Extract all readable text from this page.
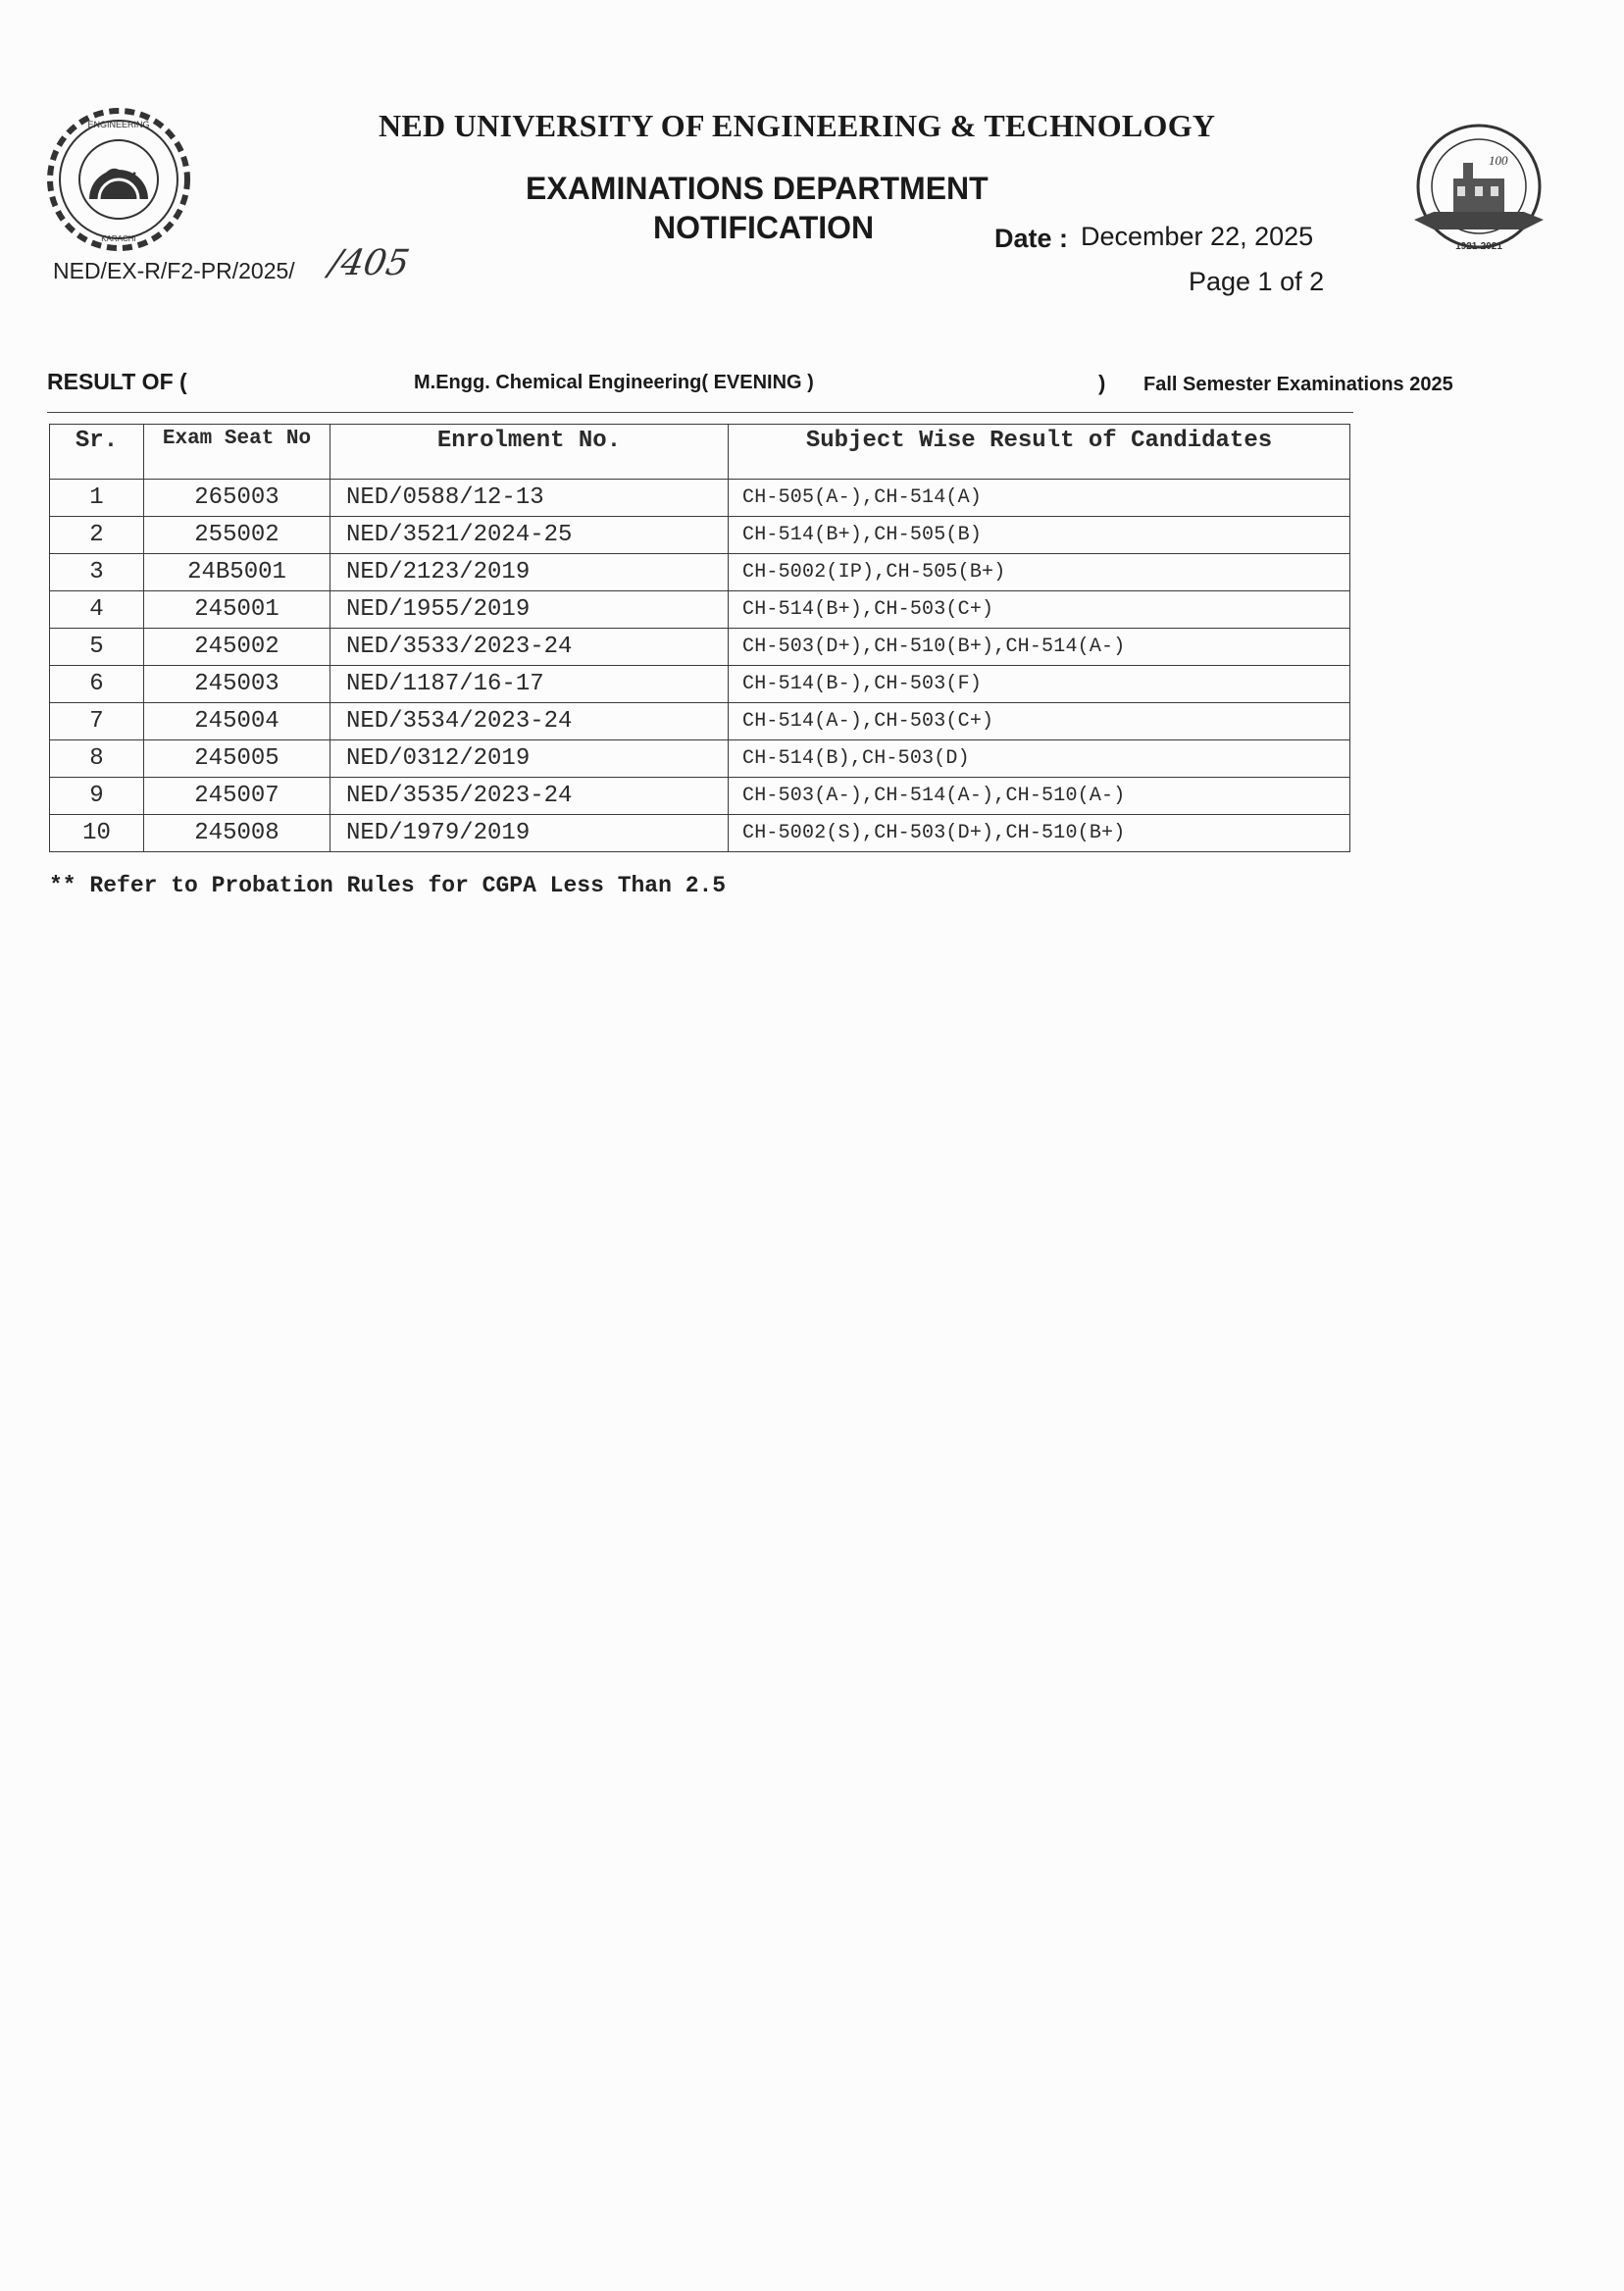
ENGINEERING
KARACHI
100
1921-2021
NED UNIVERSITY OF ENGINEERING & TECHNOLOGY
EXAMINATIONS DEPARTMENT
NOTIFICATION
NED/EX-R/F2-PR/2025/ /405
Date : December 22, 2025
Page 1 of 2
RESULT OF (	M.Engg. Chemical Engineering( EVENING )	) Fall Semester Examinations 2025
Sr.	Exam Seat No	Enrolment No.	Subject Wise Result of Candidates
1	265003	NED/0588/12-13	CH-505(A-),CH-514(A)
2	255002	NED/3521/2024-25	CH-514(B+),CH-505(B)
3	24B5001	NED/2123/2019	CH-5002(IP),CH-505(B+)
4	245001	NED/1955/2019	CH-514(B+),CH-503(C+)
5	245002	NED/3533/2023-24	CH-503(D+),CH-510(B+),CH-514(A-)
6	245003	NED/1187/16-17	CH-514(B-),CH-503(F)
7	245004	NED/3534/2023-24	CH-514(A-),CH-503(C+)
8	245005	NED/0312/2019	CH-514(B),CH-503(D)
9	245007	NED/3535/2023-24	CH-503(A-),CH-514(A-),CH-510(A-)
10	245008	NED/1979/2019	CH-5002(S),CH-503(D+),CH-510(B+)
** Refer to Probation Rules for CGPA Less Than 2.5
